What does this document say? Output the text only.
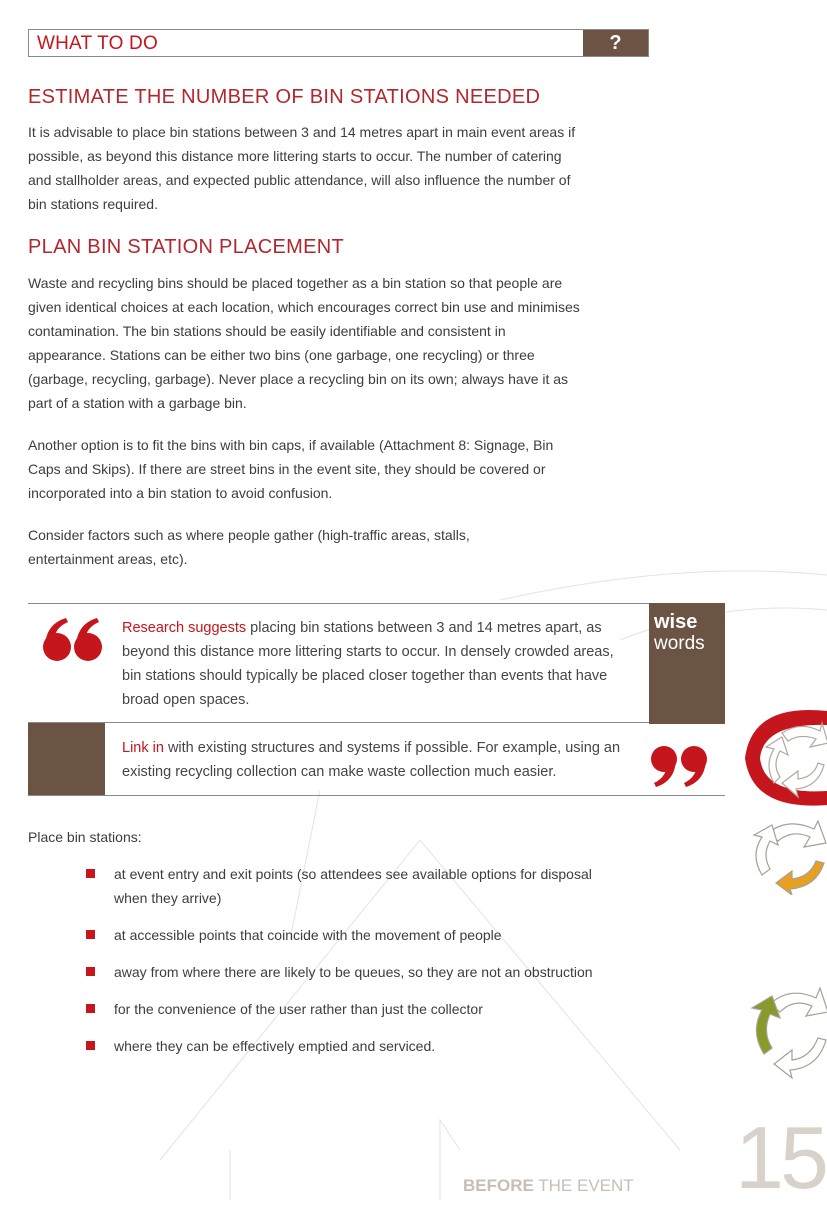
WHAT TO DO	?
ESTIMATE THE NUMBER OF BIN STATIONS NEEDED

It is advisable to place bin stations between 3 and 14 metres apart in main event areas if possible, as beyond this distance more littering starts to occur. The number of catering and stallholder areas, and expected public attendance, will also influence the number of bin stations required.

PLAN BIN STATION PLACEMENT

Waste and recycling bins should be placed together as a bin station so that people are given identical choices at each location, which encourages correct bin use and minimises contamination. The bin stations should be easily identifiable and consistent in appearance. Stations can be either two bins (one garbage, one recycling) or three (garbage, recycling, garbage). Never place a recycling bin on its own; always have it as part of a station with a garbage bin.

Another option is to fit the bins with bin caps, if available (Attachment 8: Signage, Bin Caps and Skips). If there are street bins in the event site, they should be covered or incorporated into a bin station to avoid confusion.

Consider factors such as where people gather (high-traffic areas, stalls, entertainment areas, etc).

Research suggests placing bin stations between 3 and 14 metres apart, as beyond this distance more littering starts to occur. In densely crowded areas, bin stations should typically be placed closer together than events that have broad open spaces.
wise
words
Link in with existing structures and systems if possible. For example, using an existing recycling collection can make waste collection much easier.

Place bin stations:

at event entry and exit points (so attendees see available options for disposal when they arrive)
at accessible points that coincide with the movement of people
away from where there are likely to be queues, so they are not an obstruction
for the convenience of the user rather than just the collector
where they can be effectively emptied and serviced.
BEFORE THE EVENT 15
